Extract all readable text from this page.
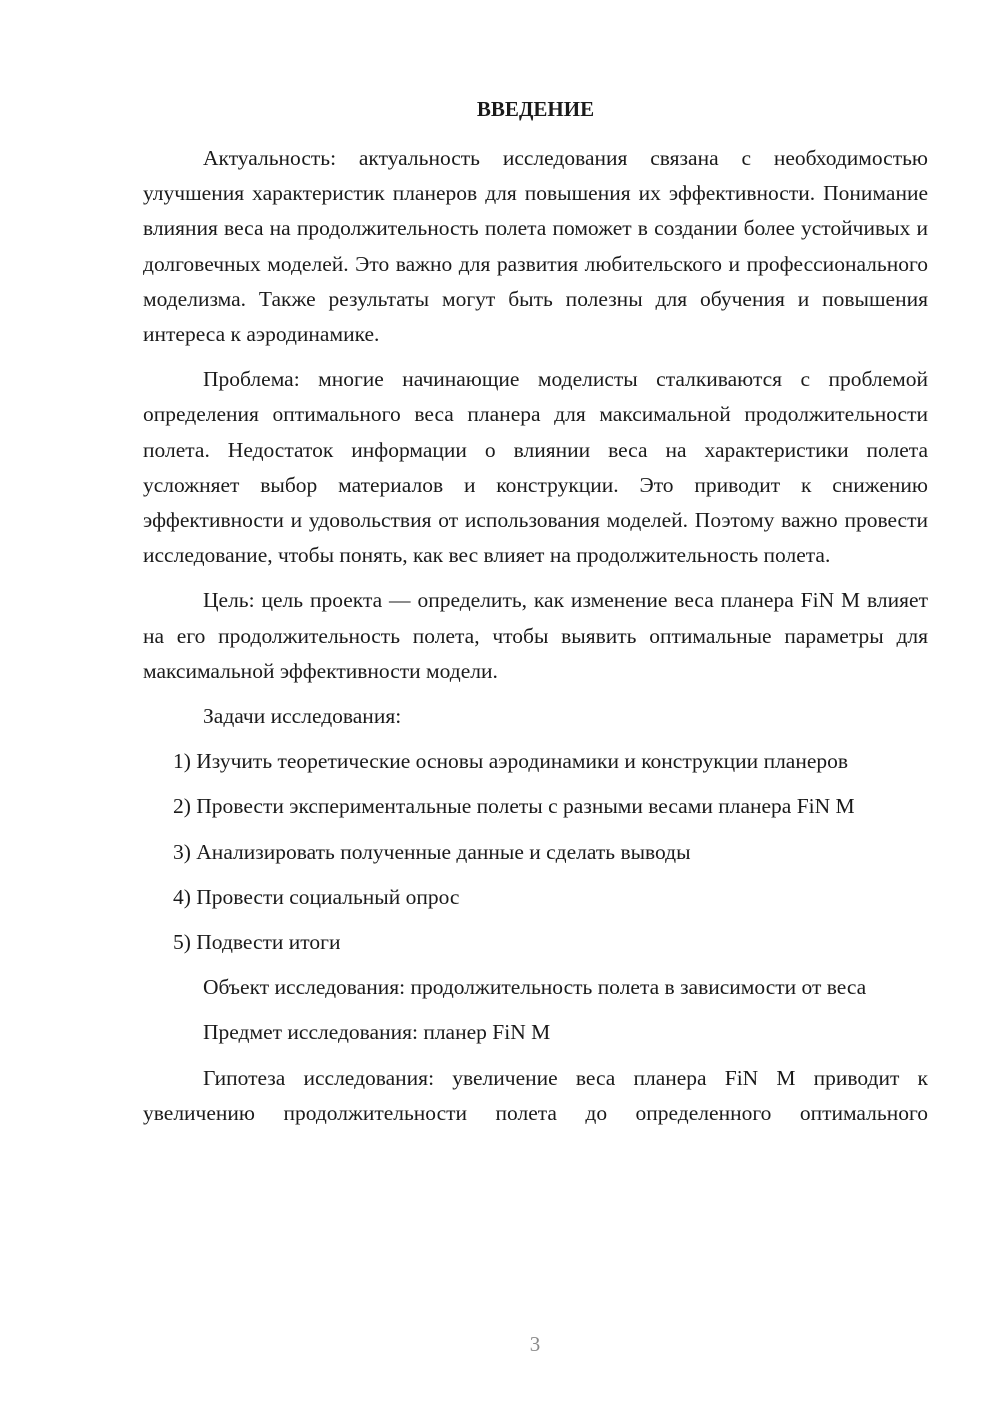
ВВЕДЕНИЕ

Актуальность: актуальность исследования связана с необходимостью улучшения характеристик планеров для повышения их эффективности. Понимание влияния веса на продолжительность полета поможет в создании более устойчивых и долговечных моделей. Это важно для развития любительского и профессионального моделизма. Также результаты могут быть полезны для обучения и повышения интереса к аэродинамике.

Проблема: многие начинающие моделисты сталкиваются с проблемой определения оптимального веса планера для максимальной продолжительности полета. Недостаток информации о влиянии веса на характеристики полета усложняет выбор материалов и конструкции. Это приводит к снижению эффективности и удовольствия от использования моделей. Поэтому важно провести исследование, чтобы понять, как вес влияет на продолжительность полета.

Цель: цель проекта — определить, как изменение веса планера FiN M влияет на его продолжительность полета, чтобы выявить оптимальные параметры для максимальной эффективности модели.

Задачи исследования:

1) Изучить теоретические основы аэродинамики и конструкции планеров

2) Провести экспериментальные полеты с разными весами планера FiN M

3) Анализировать полученные данные и сделать выводы

4) Провести социальный опрос

5) Подвести итоги

Объект исследования: продолжительность полета в зависимости от веса

Предмет исследования: планер FiN M

Гипотеза исследования: увеличение веса планера FiN M приводит к увеличению продолжительности полета до определенного оптимального

3
